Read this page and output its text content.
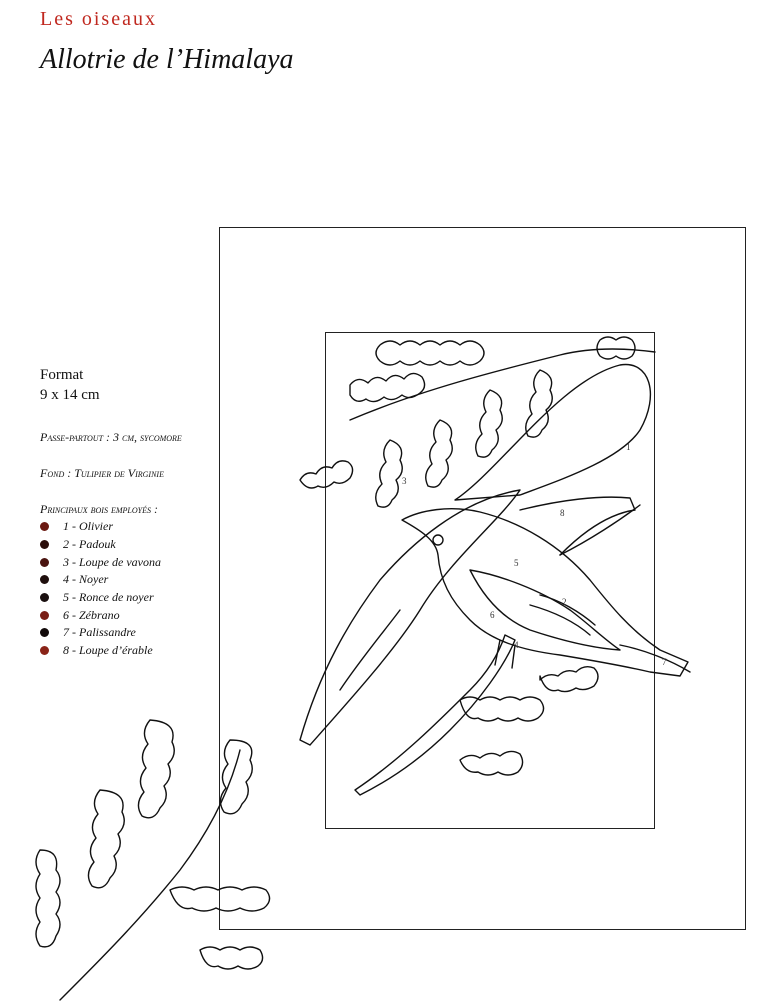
Les oiseaux
Allotrie de l’Himalaya
Format
9 x 14 cm
Passe-partout : 3 cm, sycomore
Fond : Tulipier de Virginie
Principaux bois employés :
1 - Olivier
2 - Padouk
3 - Loupe de vavona
4 - Noyer
5 - Ronce de noyer
6 - Zébrano
7 - Palissandre
8 - Loupe d’érable
1
2
3
4
5
6
7
8
